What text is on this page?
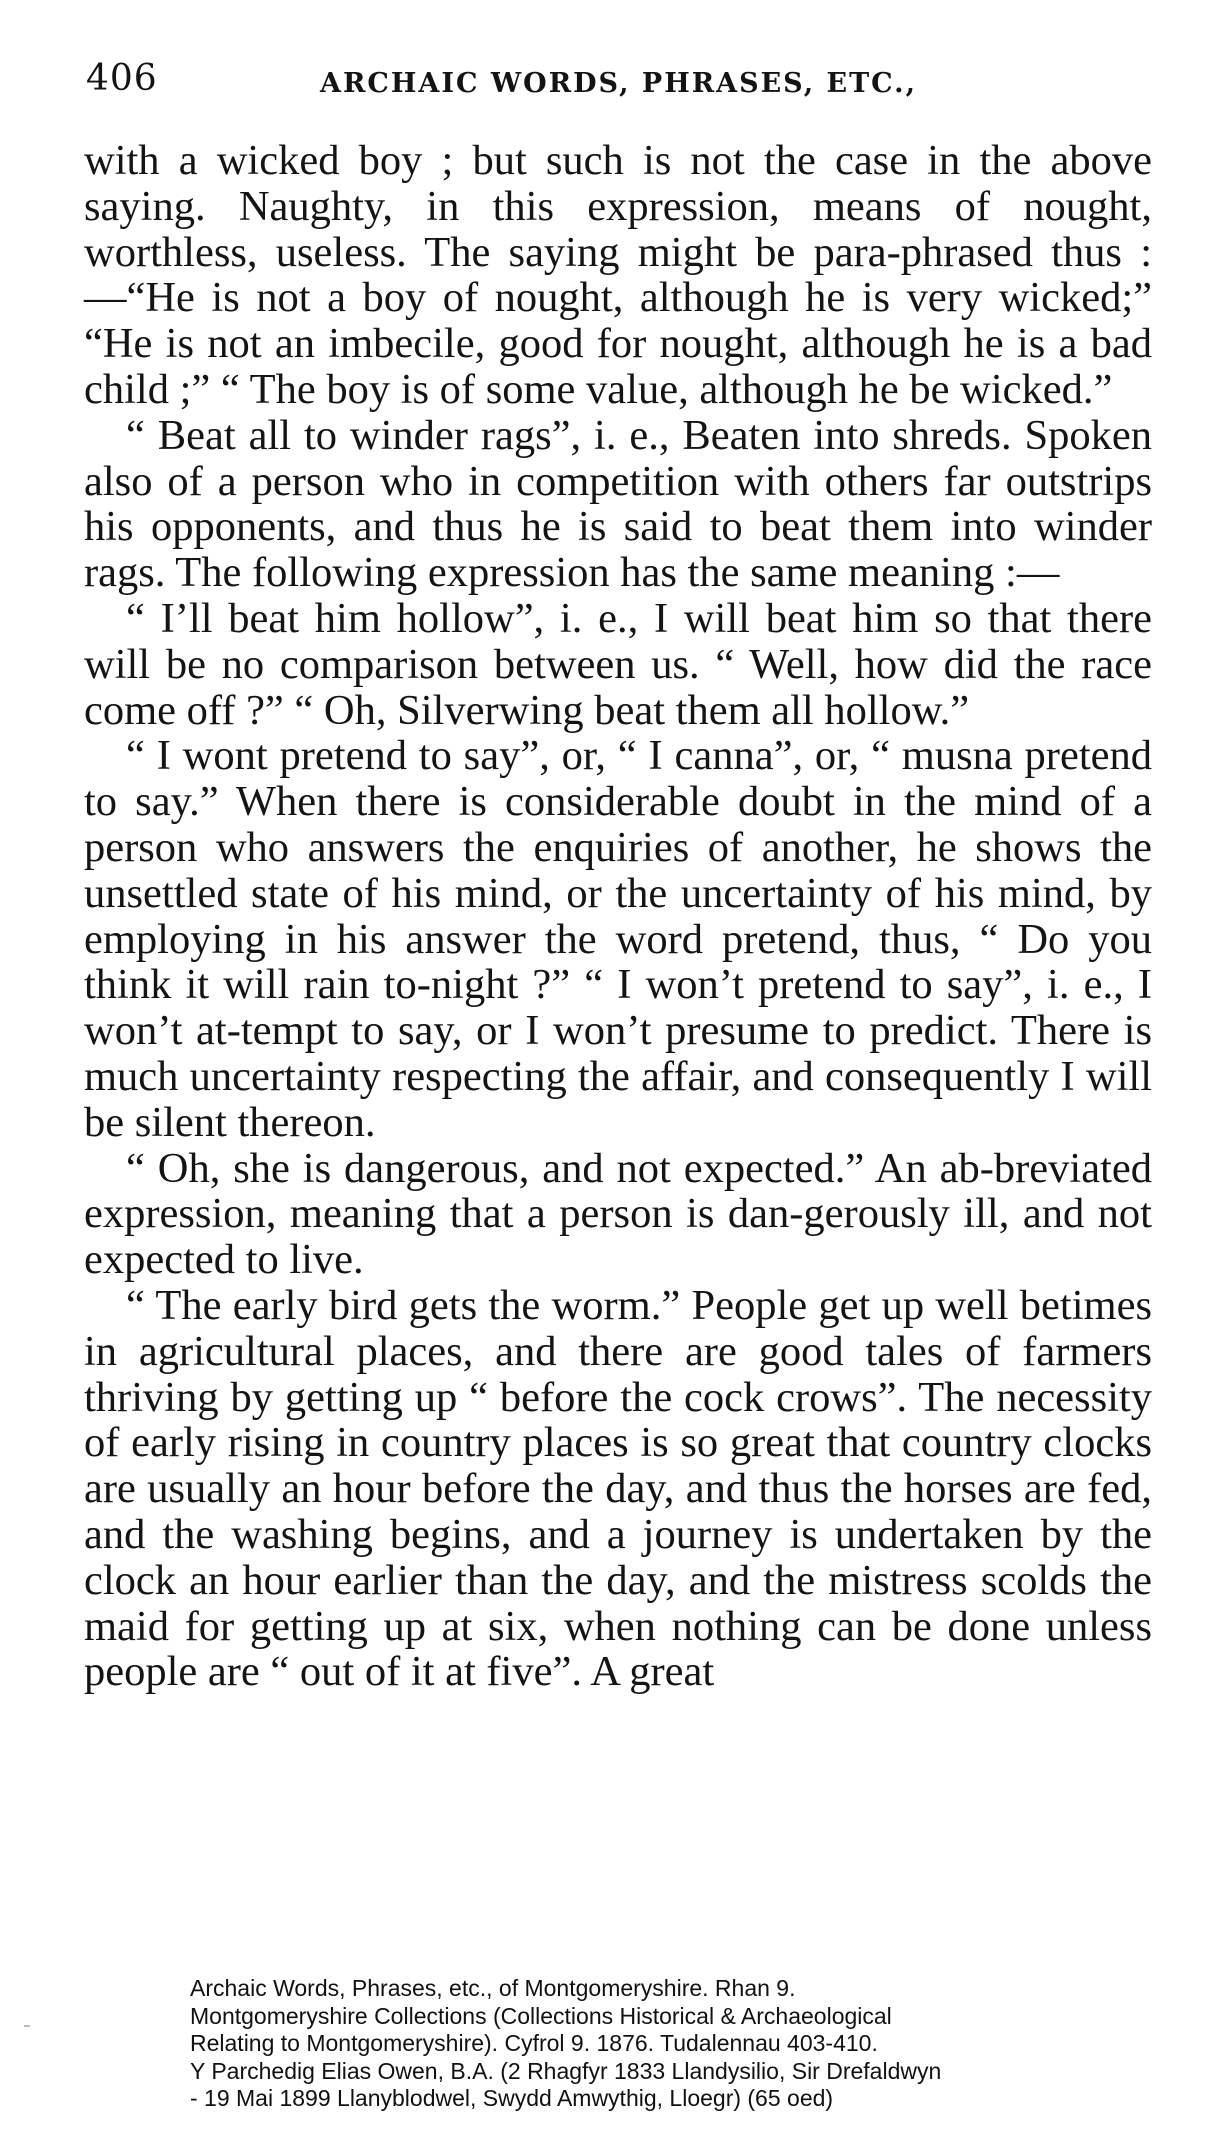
406	ARCHAIC WORDS, PHRASES, ETC.,

with a wicked boy ; but such is not the case in the above saying. Naughty, in this expression, means of nought, worthless, useless. The saying might be para-phrased thus :—“He is not a boy of nought, although he is very wicked;” “He is not an imbecile, good for nought, although he is a bad child ;” “ The boy is of some value, although he be wicked.”

“ Beat all to winder rags”, i. e., Beaten into shreds. Spoken also of a person who in competition with others far outstrips his opponents, and thus he is said to beat them into winder rags. The following expression has the same meaning :—

“ I’ll beat him hollow”, i. e., I will beat him so that there will be no comparison between us. “ Well, how did the race come off ?” “ Oh, Silverwing beat them all hollow.”

“ I wont pretend to say”, or, “ I canna”, or, “ musna pretend to say.” When there is considerable doubt in the mind of a person who answers the enquiries of another, he shows the unsettled state of his mind, or the uncertainty of his mind, by employing in his answer the word pretend, thus, “ Do you think it will rain to-night ?” “ I won’t pretend to say”, i. e., I won’t at-tempt to say, or I won’t presume to predict. There is much uncertainty respecting the affair, and consequently I will be silent thereon.

“ Oh, she is dangerous, and not expected.” An ab-breviated expression, meaning that a person is dan-gerously ill, and not expected to live.

“ The early bird gets the worm.” People get up well betimes in agricultural places, and there are good tales of farmers thriving by getting up “ before the cock crows”. The necessity of early rising in country places is so great that country clocks are usually an hour before the day, and thus the horses are fed, and the washing begins, and a journey is undertaken by the clock an hour earlier than the day, and the mistress scolds the maid for getting up at six, when nothing can be done unless people are “ out of it at five”. A great

Archaic Words, Phrases, etc., of Montgomeryshire. Rhan 9.
Montgomeryshire Collections (Collections Historical & Archaeological
Relating to Montgomeryshire). Cyfrol 9. 1876. Tudalennau 403-410.
Y Parchedig Elias Owen, B.A. (2 Rhagfyr 1833 Llandysilio, Sir Drefaldwyn
- 19 Mai 1899 Llanyblodwel, Swydd Amwythig, Lloegr) (65 oed)
